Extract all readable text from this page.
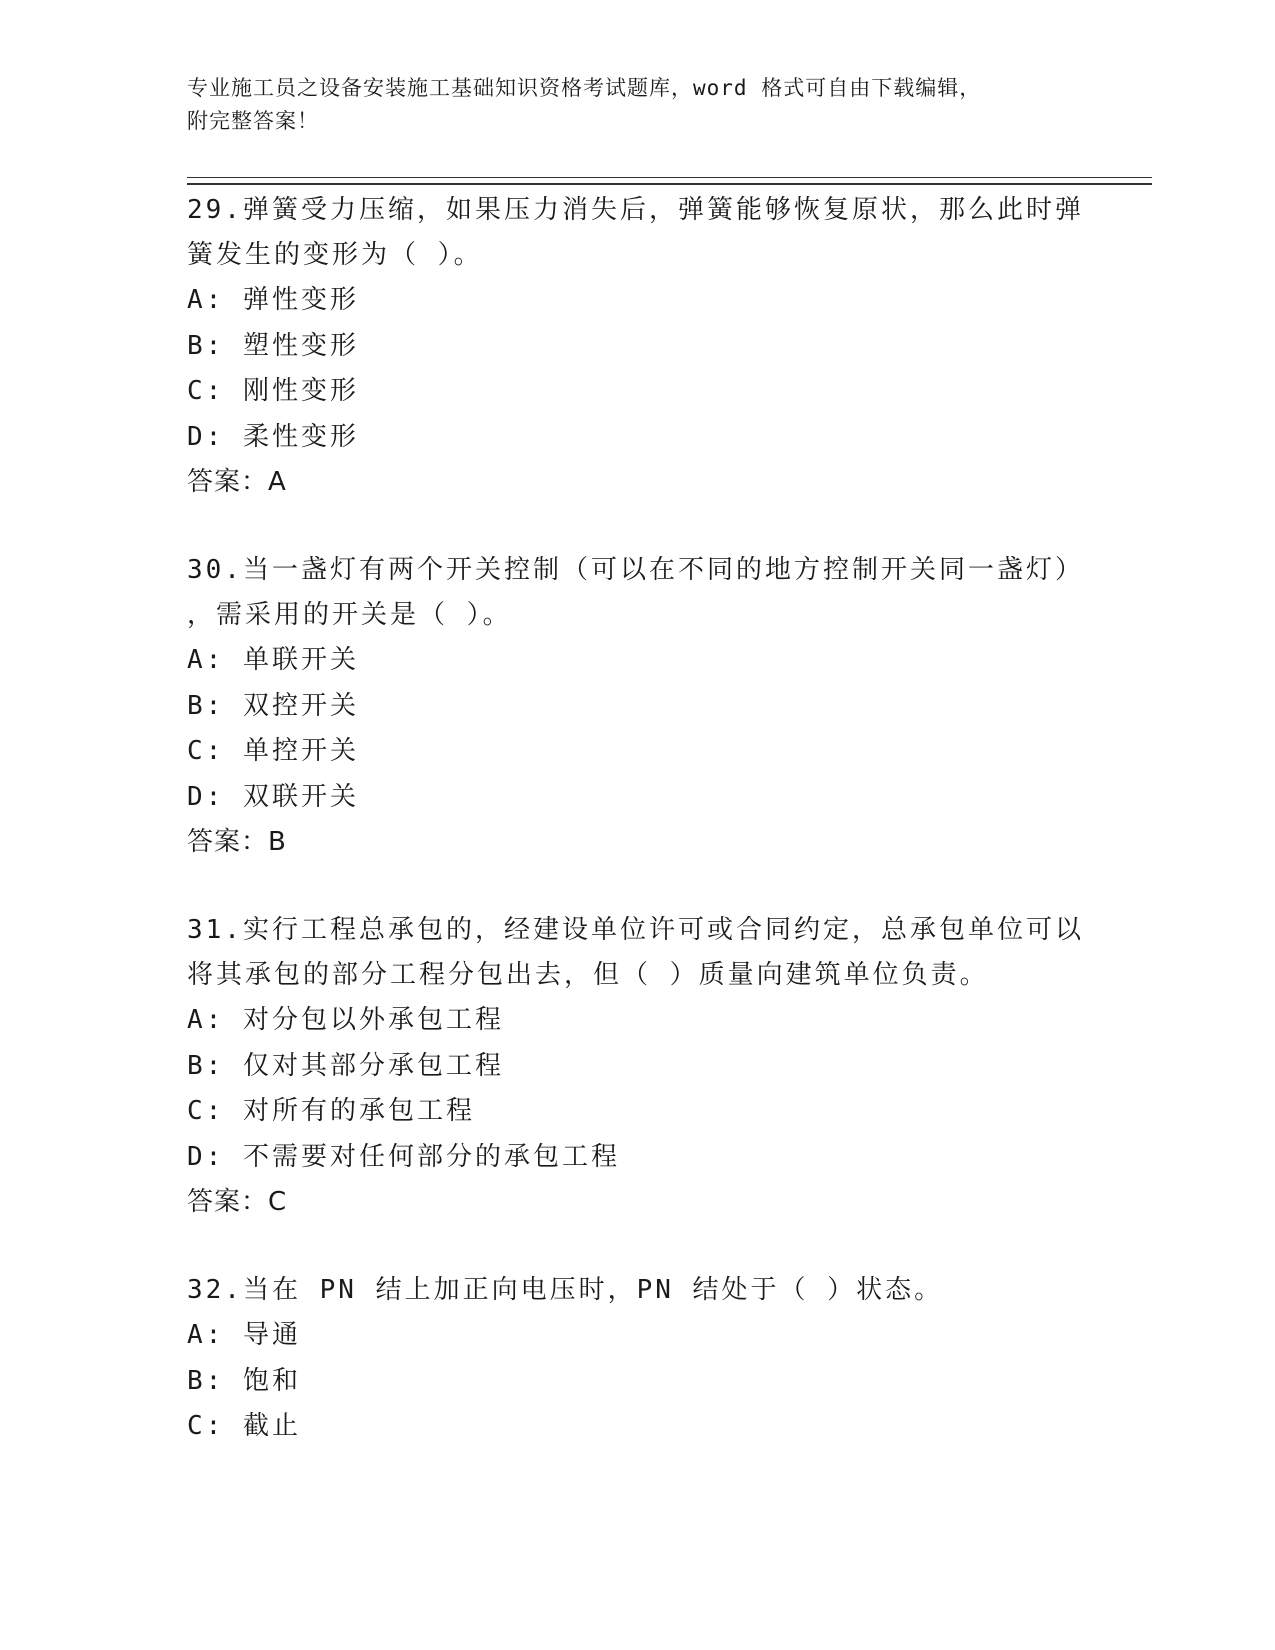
专业施工员之设备安装施工基础知识资格考试题库，word 格式可自由下载编辑，
附完整答案！
29.弹簧受力压缩，如果压力消失后，弹簧能够恢复原状，那么此时弹
簧发生的变形为（ ）。
A: 弹性变形
B: 塑性变形
C: 刚性变形
D: 柔性变形
答案：A
30.当一盏灯有两个开关控制（可以在不同的地方控制开关同一盏灯）
，需采用的开关是（ ）。
A: 单联开关
B: 双控开关
C: 单控开关
D: 双联开关
答案：B
31.实行工程总承包的，经建设单位许可或合同约定，总承包单位可以
将其承包的部分工程分包出去，但（ ）质量向建筑单位负责。
A: 对分包以外承包工程
B: 仅对其部分承包工程
C: 对所有的承包工程
D: 不需要对任何部分的承包工程
答案：C
32.当在 PN 结上加正向电压时，PN 结处于（ ）状态。
A: 导通
B: 饱和
C: 截止
